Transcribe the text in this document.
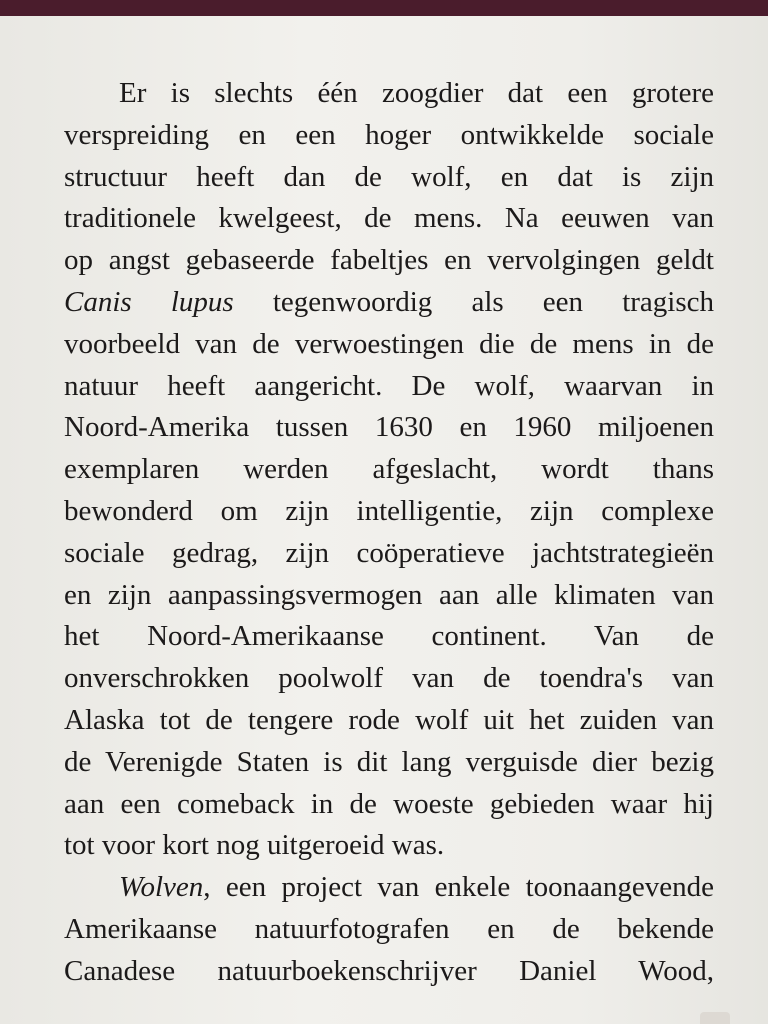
Er is slechts één zoogdier dat een grotere
verspreiding en een hoger ontwikkelde sociale
structuur heeft dan de wolf, en dat is zijn
traditionele kwelgeest, de mens. Na eeuwen van
op angst gebaseerde fabeltjes en vervolgingen geldt
Canis lupus tegenwoordig als een tragisch
voorbeeld van de verwoestingen die de mens in de
natuur heeft aangericht. De wolf, waarvan in
Noord-Amerika tussen 1630 en 1960 miljoenen
exemplaren werden afgeslacht, wordt thans
bewonderd om zijn intelligentie, zijn complexe
sociale gedrag, zijn coöperatieve jachtstrategieën
en zijn aanpassingsvermogen aan alle klimaten van
het Noord-Amerikaanse continent. Van de
onverschrokken poolwolf van de toendra's van
Alaska tot de tengere rode wolf uit het zuiden van
de Verenigde Staten is dit lang verguisde dier bezig
aan een comeback in de woeste gebieden waar hij
tot voor kort nog uitgeroeid was.
Wolven, een project van enkele toonaangevende
Amerikaanse natuurfotografen en de bekende
Canadese natuurboekenschrijver Daniel Wood,
